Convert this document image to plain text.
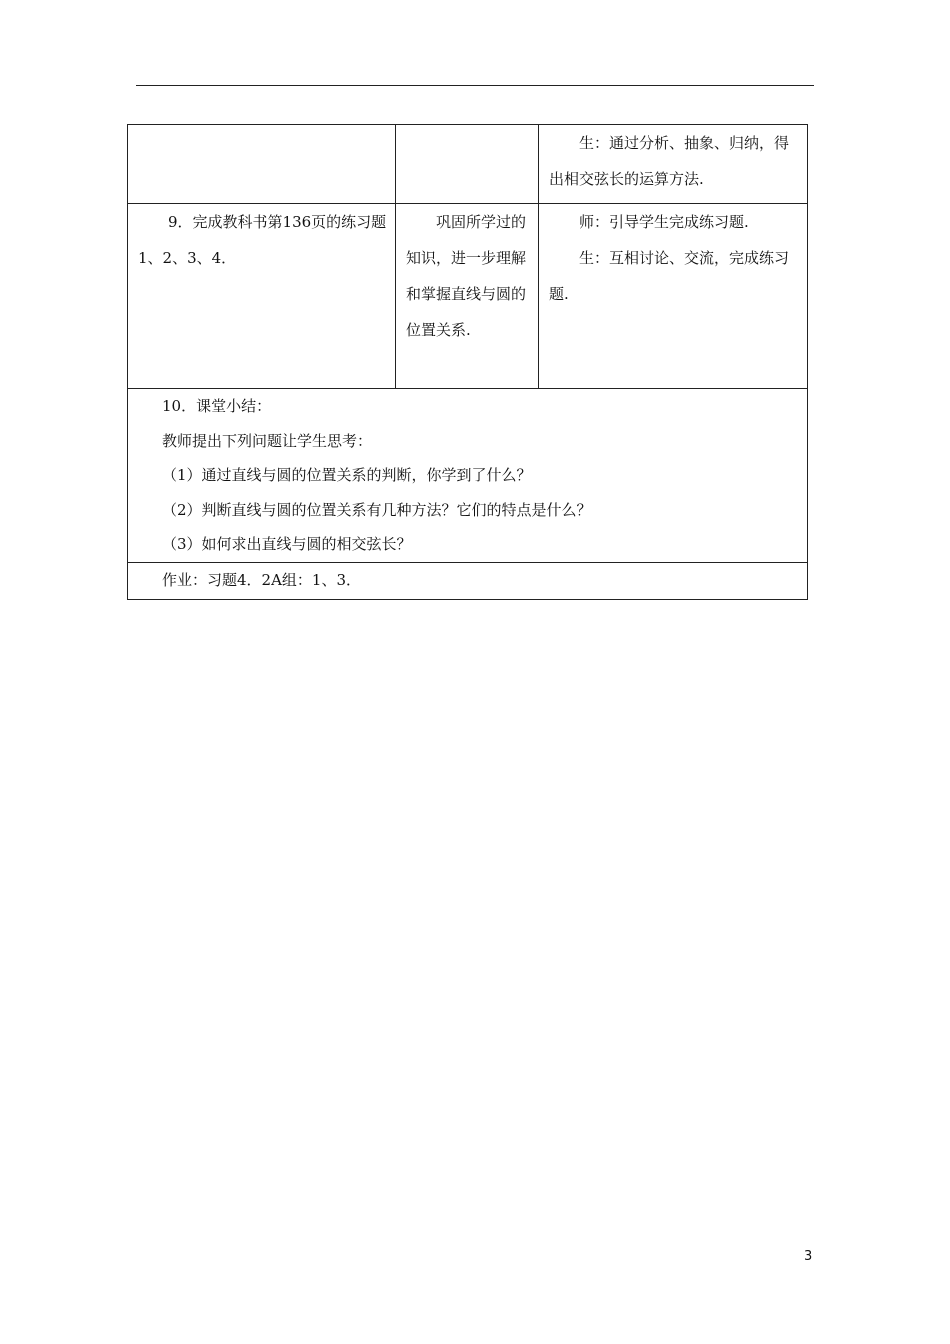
		生：通过分析、抽象、归纳，得出相交弦长的运算方法.

9．完成教科书第136页的练习题1、2、3、4．	巩固所学过的知识，进一步理解和掌握直线与圆的位置关系.	师：引导学生完成练习题.

生：互相讨论、交流，完成练习题.

10．课堂小结：

教师提出下列问题让学生思考：

（1）通过直线与圆的位置关系的判断，你学到了什么？

（2）判断直线与圆的位置关系有几种方法？它们的特点是什么？

（3）如何求出直线与圆的相交弦长？		

作业：习题4．2A组：1、3．		
3
